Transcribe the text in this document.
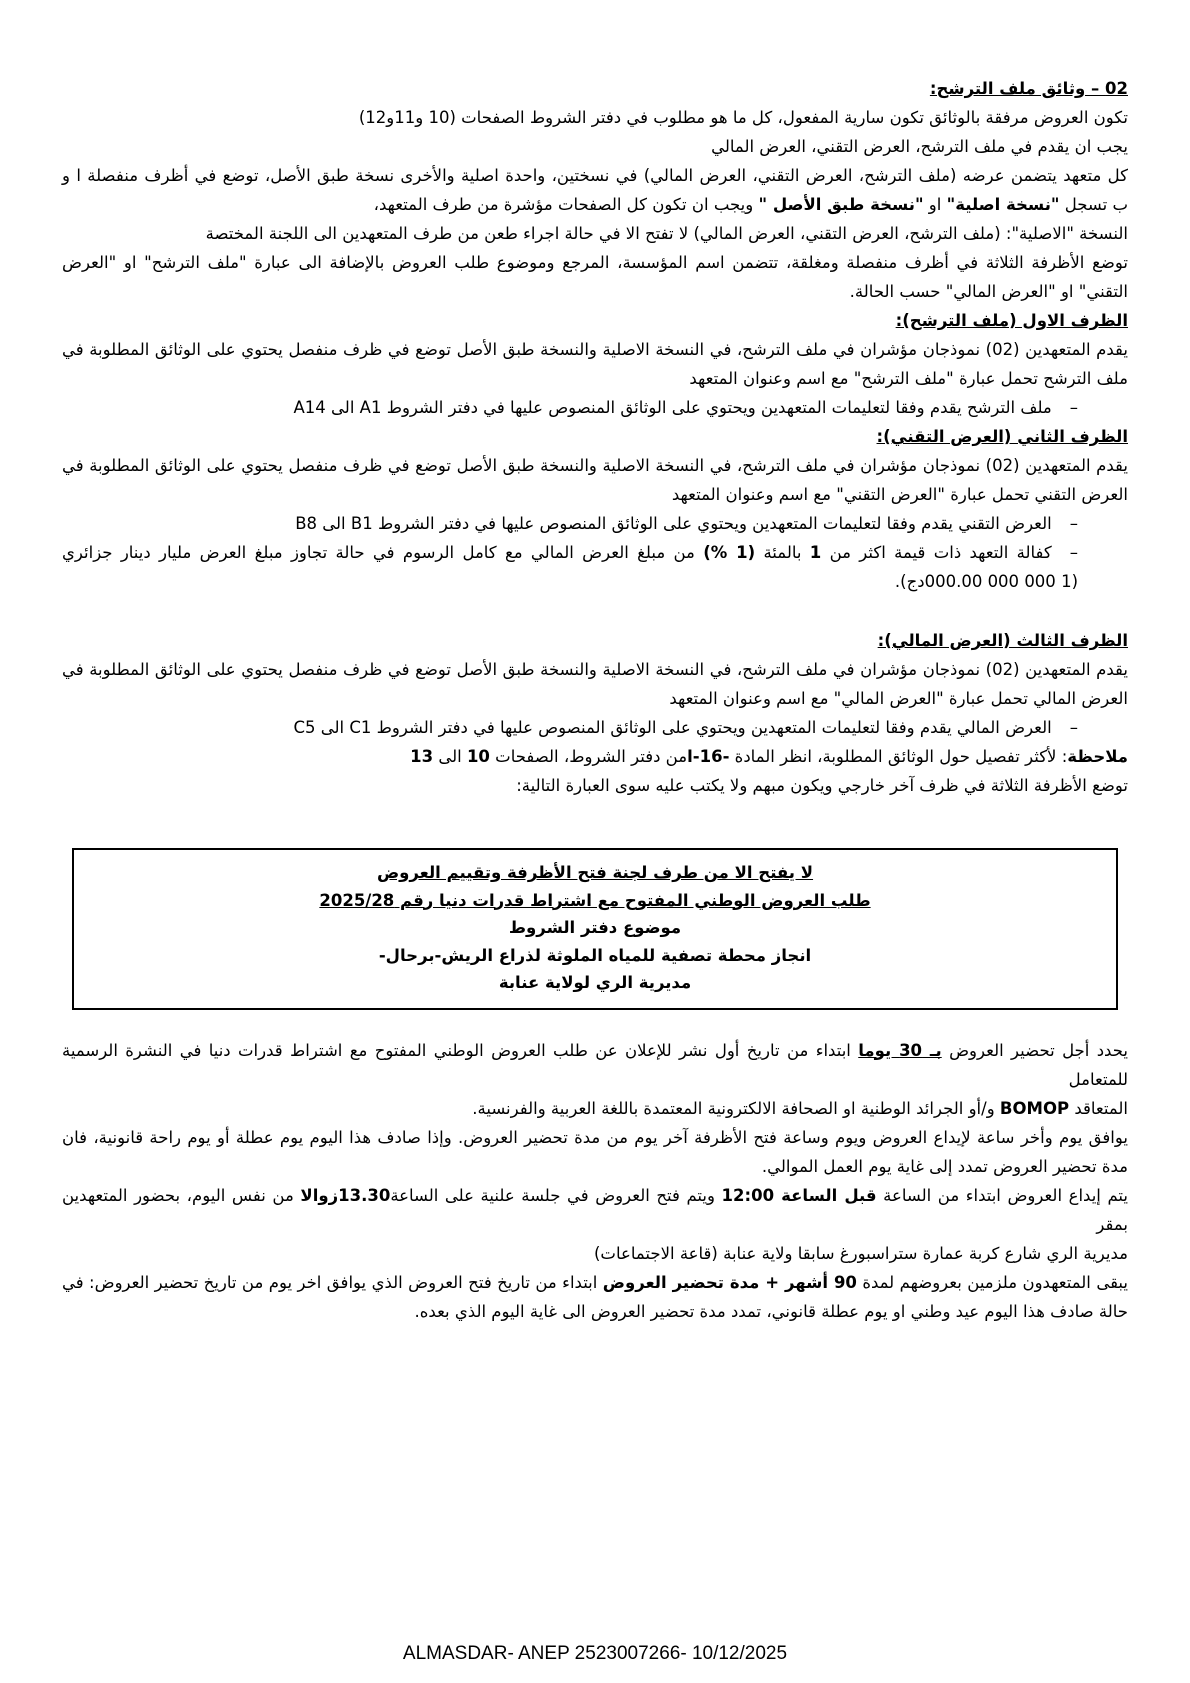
02 – وثائق ملف الترشح:
تكون العروض مرفقة بالوثائق تكون سارية المفعول، كل ما هو مطلوب في دفتر الشروط الصفحات (10 و11و12)
يجب ان يقدم في ملف الترشح، العرض التقني، العرض المالي
كل متعهد يتضمن عرضه (ملف الترشح، العرض التقني، العرض المالي) في نسختين، واحدة اصلية والأخرى نسخة طبق الأصل، توضع في أظرف منفصلة ا و
ب تسجل "نسخة اصلية" او "نسخة طبق الأصل " ويجب ان تكون كل الصفحات مؤشرة من طرف المتعهد،
النسخة "الاصلية": (ملف الترشح، العرض التقني، العرض المالي) لا تفتح الا في حالة اجراء طعن من طرف المتعهدين الى اللجنة المختصة
توضع الأظرفة الثلاثة في أظرف منفصلة ومغلقة، تتضمن اسم المؤسسة، المرجع وموضوع طلب العروض بالإضافة الى عبارة "ملف الترشح" او "العرض
التقني" او "العرض المالي" حسب الحالة.
الظرف الاول (ملف الترشح):
يقدم المتعهدين (02) نموذجان مؤشران في ملف الترشح، في النسخة الاصلية والنسخة طبق الأصل توضع في ظرف منفصل يحتوي على الوثائق المطلوبة في
ملف الترشح تحمل عبارة "ملف الترشح" مع اسم وعنوان المتعهد
–
ملف الترشح يقدم وفقا لتعليمات المتعهدين ويحتوي على الوثائق المنصوص عليها في دفتر الشروط A1 الى A14
الظرف الثاني (العرض التقني):
يقدم المتعهدين (02) نموذجان مؤشران في ملف الترشح، في النسخة الاصلية والنسخة طبق الأصل توضع في ظرف منفصل يحتوي على الوثائق المطلوبة في
العرض التقني تحمل عبارة "العرض التقني" مع اسم وعنوان المتعهد
–
العرض التقني يقدم وفقا لتعليمات المتعهدين ويحتوي على الوثائق المنصوص عليها في دفتر الشروط B1 الى B8
–
كفالة التعهد ذات قيمة اكثر من 1 بالمئة (1 %) من مبلغ العرض المالي مع كامل الرسوم في حالة تجاوز مبلغ العرض مليار دينار جزائري
(1 000 000 000.00دج).
الظرف الثالث (العرض المالي):
يقدم المتعهدين (02) نموذجان مؤشران في ملف الترشح، في النسخة الاصلية والنسخة طبق الأصل توضع في ظرف منفصل يحتوي على الوثائق المطلوبة في
العرض المالي تحمل عبارة "العرض المالي" مع اسم وعنوان المتعهد
–
العرض المالي يقدم وفقا لتعليمات المتعهدين ويحتوي على الوثائق المنصوص عليها في دفتر الشروط C1 الى C5
ملاحظة: لأكثر تفصيل حول الوثائق المطلوبة، انظر المادة -16-امن دفتر الشروط، الصفحات 10 الى 13
توضع الأظرفة الثلاثة في ظرف آخر خارجي ويكون مبهم ولا يكتب عليه سوى العبارة التالية:
لا يفتح الا من طرف لجنة فتح الأظرفة وتقييم العروض
طلب العروض الوطني المفتوح مع اشتراط قدرات دنيا رقم 2025/28
موضوع دفتر الشروط
انجاز محطة تصفية للمياه الملوثة لذراع الريش-برحال-
مديرية الري لولاية عنابة
يحدد أجل تحضير العروض بـ 30 يوما ابتداء من تاريخ أول نشر للإعلان عن طلب العروض الوطني المفتوح مع اشتراط قدرات دنيا في النشرة الرسمية للمتعامل
المتعاقد BOMOP و/أو الجرائد الوطنية او الصحافة الالكترونية المعتمدة باللغة العربية والفرنسية.
يوافق يوم وأخر ساعة لإيداع العروض ويوم وساعة فتح الأظرفة آخر يوم من مدة تحضير العروض. وإذا صادف هذا اليوم يوم عطلة أو يوم راحة قانونية، فان
مدة تحضير العروض تمدد إلى غاية يوم العمل الموالي.
يتم إيداع العروض ابتداء من الساعة قبل الساعة 12:00 ويتم فتح العروض في جلسة علنية على الساعة13.30زوالا من نفس اليوم، بحضور المتعهدين بمقر
مديرية الري شارع كربة عمارة ستراسبورغ سابقا ولاية عنابة (قاعة الاجتماعات)
يبقى المتعهدون ملزمين بعروضهم لمدة 90 أشهر + مدة تحضير العروض ابتداء من تاريخ فتح العروض الذي يوافق اخر يوم من تاريخ تحضير العروض: في
حالة صادف هذا اليوم عيد وطني او يوم عطلة قانوني، تمدد مدة تحضير العروض الى غاية اليوم الذي بعده.
ALMASDAR- ANEP 2523007266- 10/12/2025
